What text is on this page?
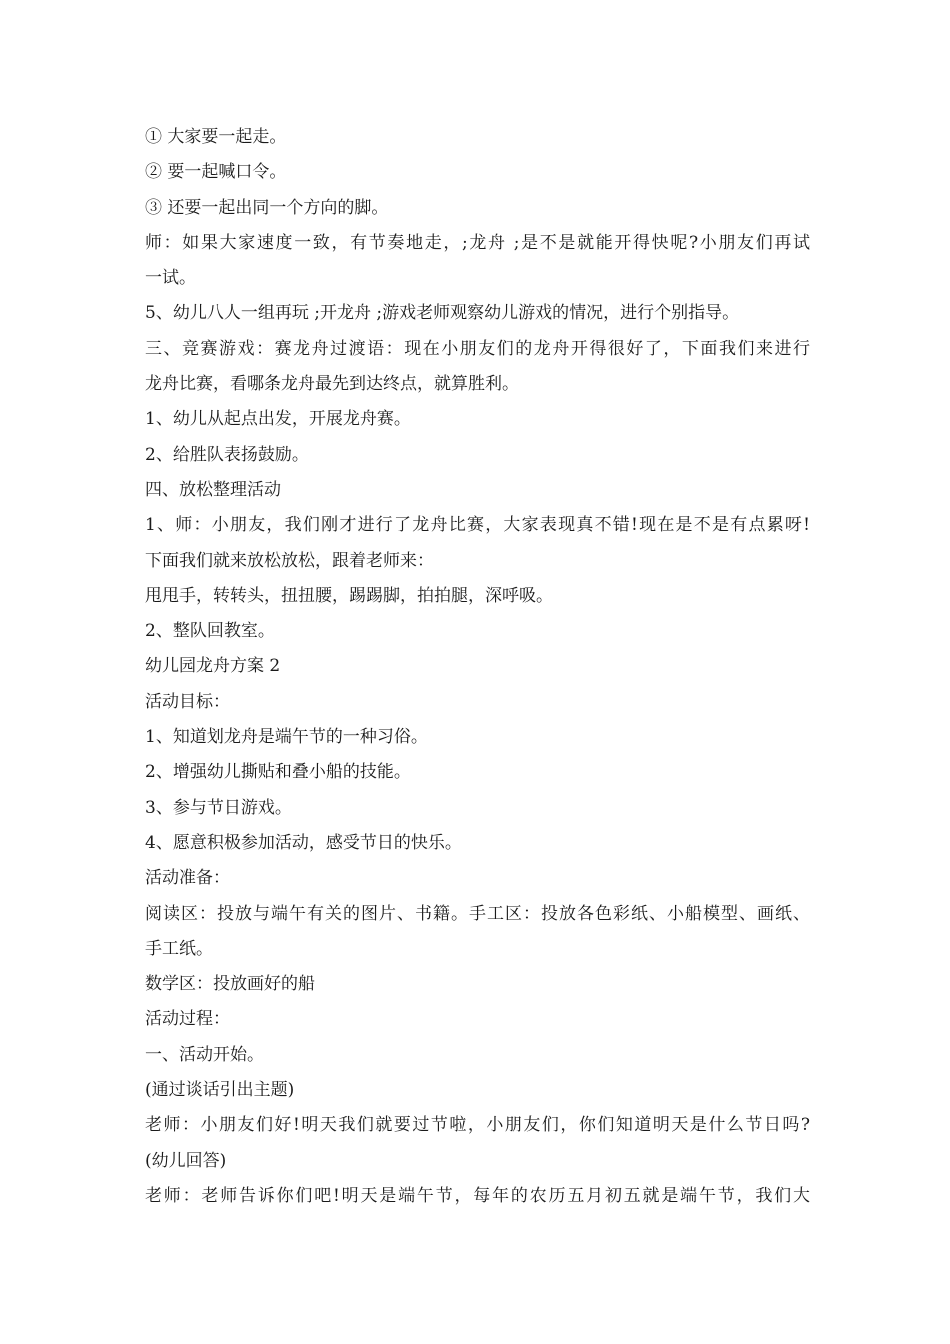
① 大家要一起走。
② 要一起喊口令。
③ 还要一起出同一个方向的脚。
师：如果大家速度一致，有节奏地走，;龙舟 ;是不是就能开得快呢?小朋友们再试
一试。
5、幼儿八人一组再玩 ;开龙舟 ;游戏老师观察幼儿游戏的情况，进行个别指导。
三、竞赛游戏：赛龙舟过渡语：现在小朋友们的龙舟开得很好了，下面我们来进行
龙舟比赛，看哪条龙舟最先到达终点，就算胜利。
1、幼儿从起点出发，开展龙舟赛。
2、给胜队表扬鼓励。
四、放松整理活动
1、师：小朋友，我们刚才进行了龙舟比赛，大家表现真不错!现在是不是有点累呀!
下面我们就来放松放松，跟着老师来：
甩甩手，转转头，扭扭腰，踢踢脚，拍拍腿，深呼吸。
2、整队回教室。
幼儿园龙舟方案 2
活动目标：
1、知道划龙舟是端午节的一种习俗。
2、增强幼儿撕贴和叠小船的技能。
3、参与节日游戏。
4、愿意积极参加活动，感受节日的快乐。
活动准备：
阅读区：投放与端午有关的图片、书籍。手工区：投放各色彩纸、小船模型、画纸、
手工纸。
数学区：投放画好的船
活动过程：
一、活动开始。
(通过谈话引出主题)
老师：小朋友们好!明天我们就要过节啦，小朋友们，你们知道明天是什么节日吗?
(幼儿回答)
老师：老师告诉你们吧!明天是端午节，每年的农历五月初五就是端午节，我们大
